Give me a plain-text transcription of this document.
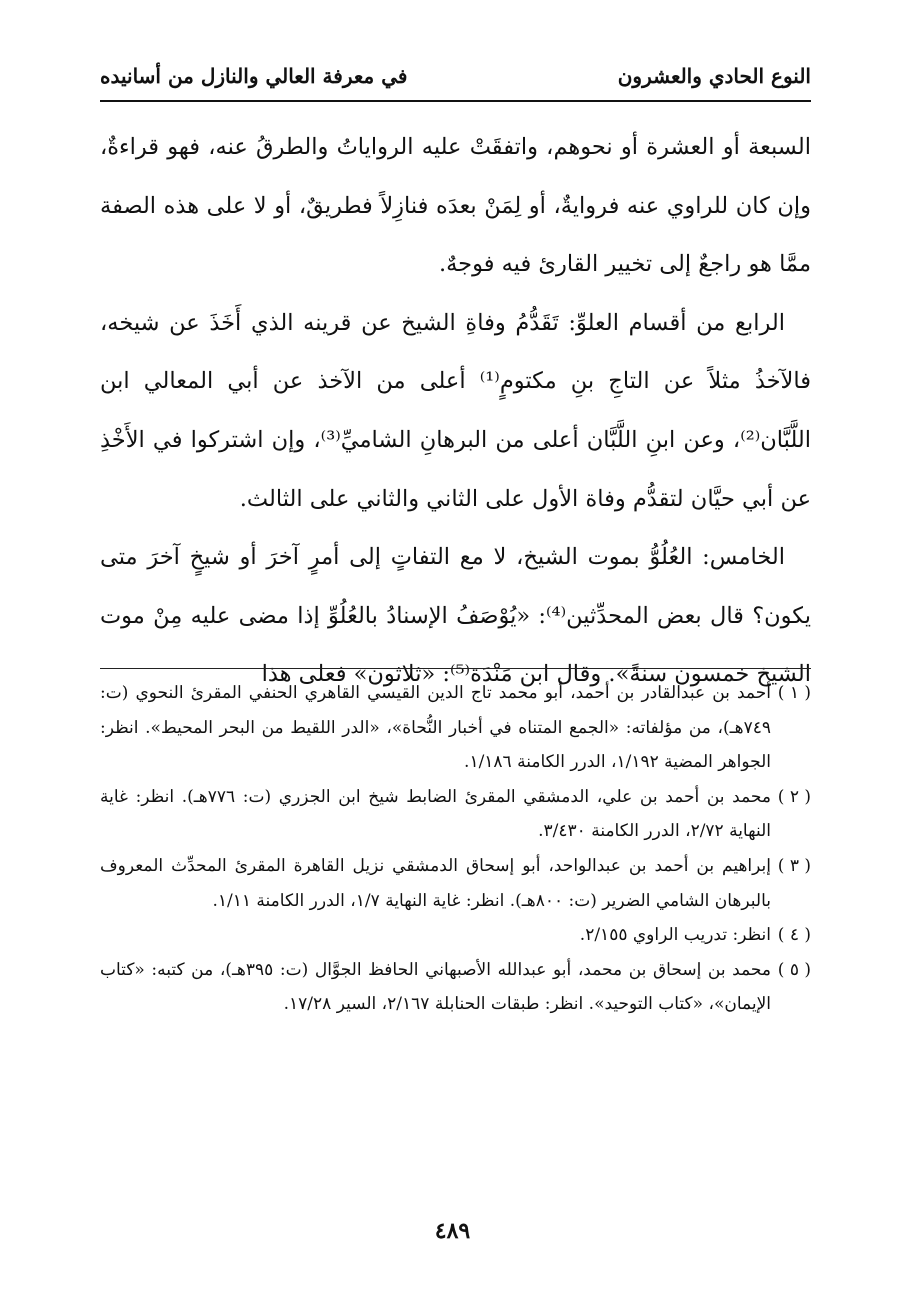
النوع الحادي والعشرون
في معرفة العالي والنازل من أسانيده

السبعة أو العشرة أو نحوهم، واتفقَتْ عليه الرواياتُ والطرقُ عنه، فهو قراءةٌ، وإن كان للراوي عنه فروايةٌ، أو لِمَنْ بعدَه فنازِلاً فطريقٌ، أو لا على هذه الصفة ممَّا هو راجعٌ إلى تخيير القارئ فيه فوجهٌ.

الرابع من أقسام العلوِّ: تَقَدُّمُ وفاةِ الشيخ عن قرينه الذي أَخَذَ عن شيخه، فالآخذُ مثلاً عن التاجِ بنِ مكتومٍ⁽¹⁾ أعلى من الآخذ عن أبي المعالي ابن اللَّبَّان⁽²⁾، وعن ابنِ اللَّبَّان أعلى من البرهانِ الشاميِّ⁽³⁾، وإن اشتركوا في الأَخْذِ عن أبي حيَّان لتقدُّم وفاة الأول على الثاني والثاني على الثالث.

الخامس: العُلُوُّ بموت الشيخ، لا مع التفاتٍ إلى أمرٍ آخرَ أو شيخٍ آخرَ متى يكون؟ قال بعض المحدِّثين⁽⁴⁾: «يُوْصَفُ الإسنادُ بالعُلُوِّ إذا مضى عليه مِنْ موت الشيخ خمسون سنةً». وقال ابن مَنْدَة⁽⁵⁾: «ثلاثون» فعلى هذا

( ١ )
أحمد بن عبدالقادر بن أحمد، أبو محمد تاج الدين القيسي القاهري الحنفي المقرئ النحوي (ت: ٧٤٩هـ)، من مؤلفاته: «الجمع المتناه في أخبار النُّحاة»، «الدر اللقيط من البحر المحيط». انظر: الجواهر المضية ١/١٩٢، الدرر الكامنة ١/١٨٦.
( ٢ )
محمد بن أحمد بن علي، الدمشقي المقرئ الضابط شيخ ابن الجزري (ت: ٧٧٦هـ). انظر: غاية النهاية ٢/٧٢، الدرر الكامنة ٣/٤٣٠.
( ٣ )
إبراهيم بن أحمد بن عبدالواحد، أبو إسحاق الدمشقي نزيل القاهرة المقرئ المحدِّث المعروف بالبرهان الشامي الضرير (ت: ٨٠٠هـ). انظر: غاية النهاية ١/٧، الدرر الكامنة ١/١١.
( ٤ )
انظر: تدريب الراوي ٢/١٥٥.
( ٥ )
محمد بن إسحاق بن محمد، أبو عبدالله الأصبهاني الحافظ الجوَّال (ت: ٣٩٥هـ)، من كتبه: «كتاب الإيمان»، «كتاب التوحيد». انظر: طبقات الحنابلة ٢/١٦٧، السير ١٧/٢٨.
٤٨٩
